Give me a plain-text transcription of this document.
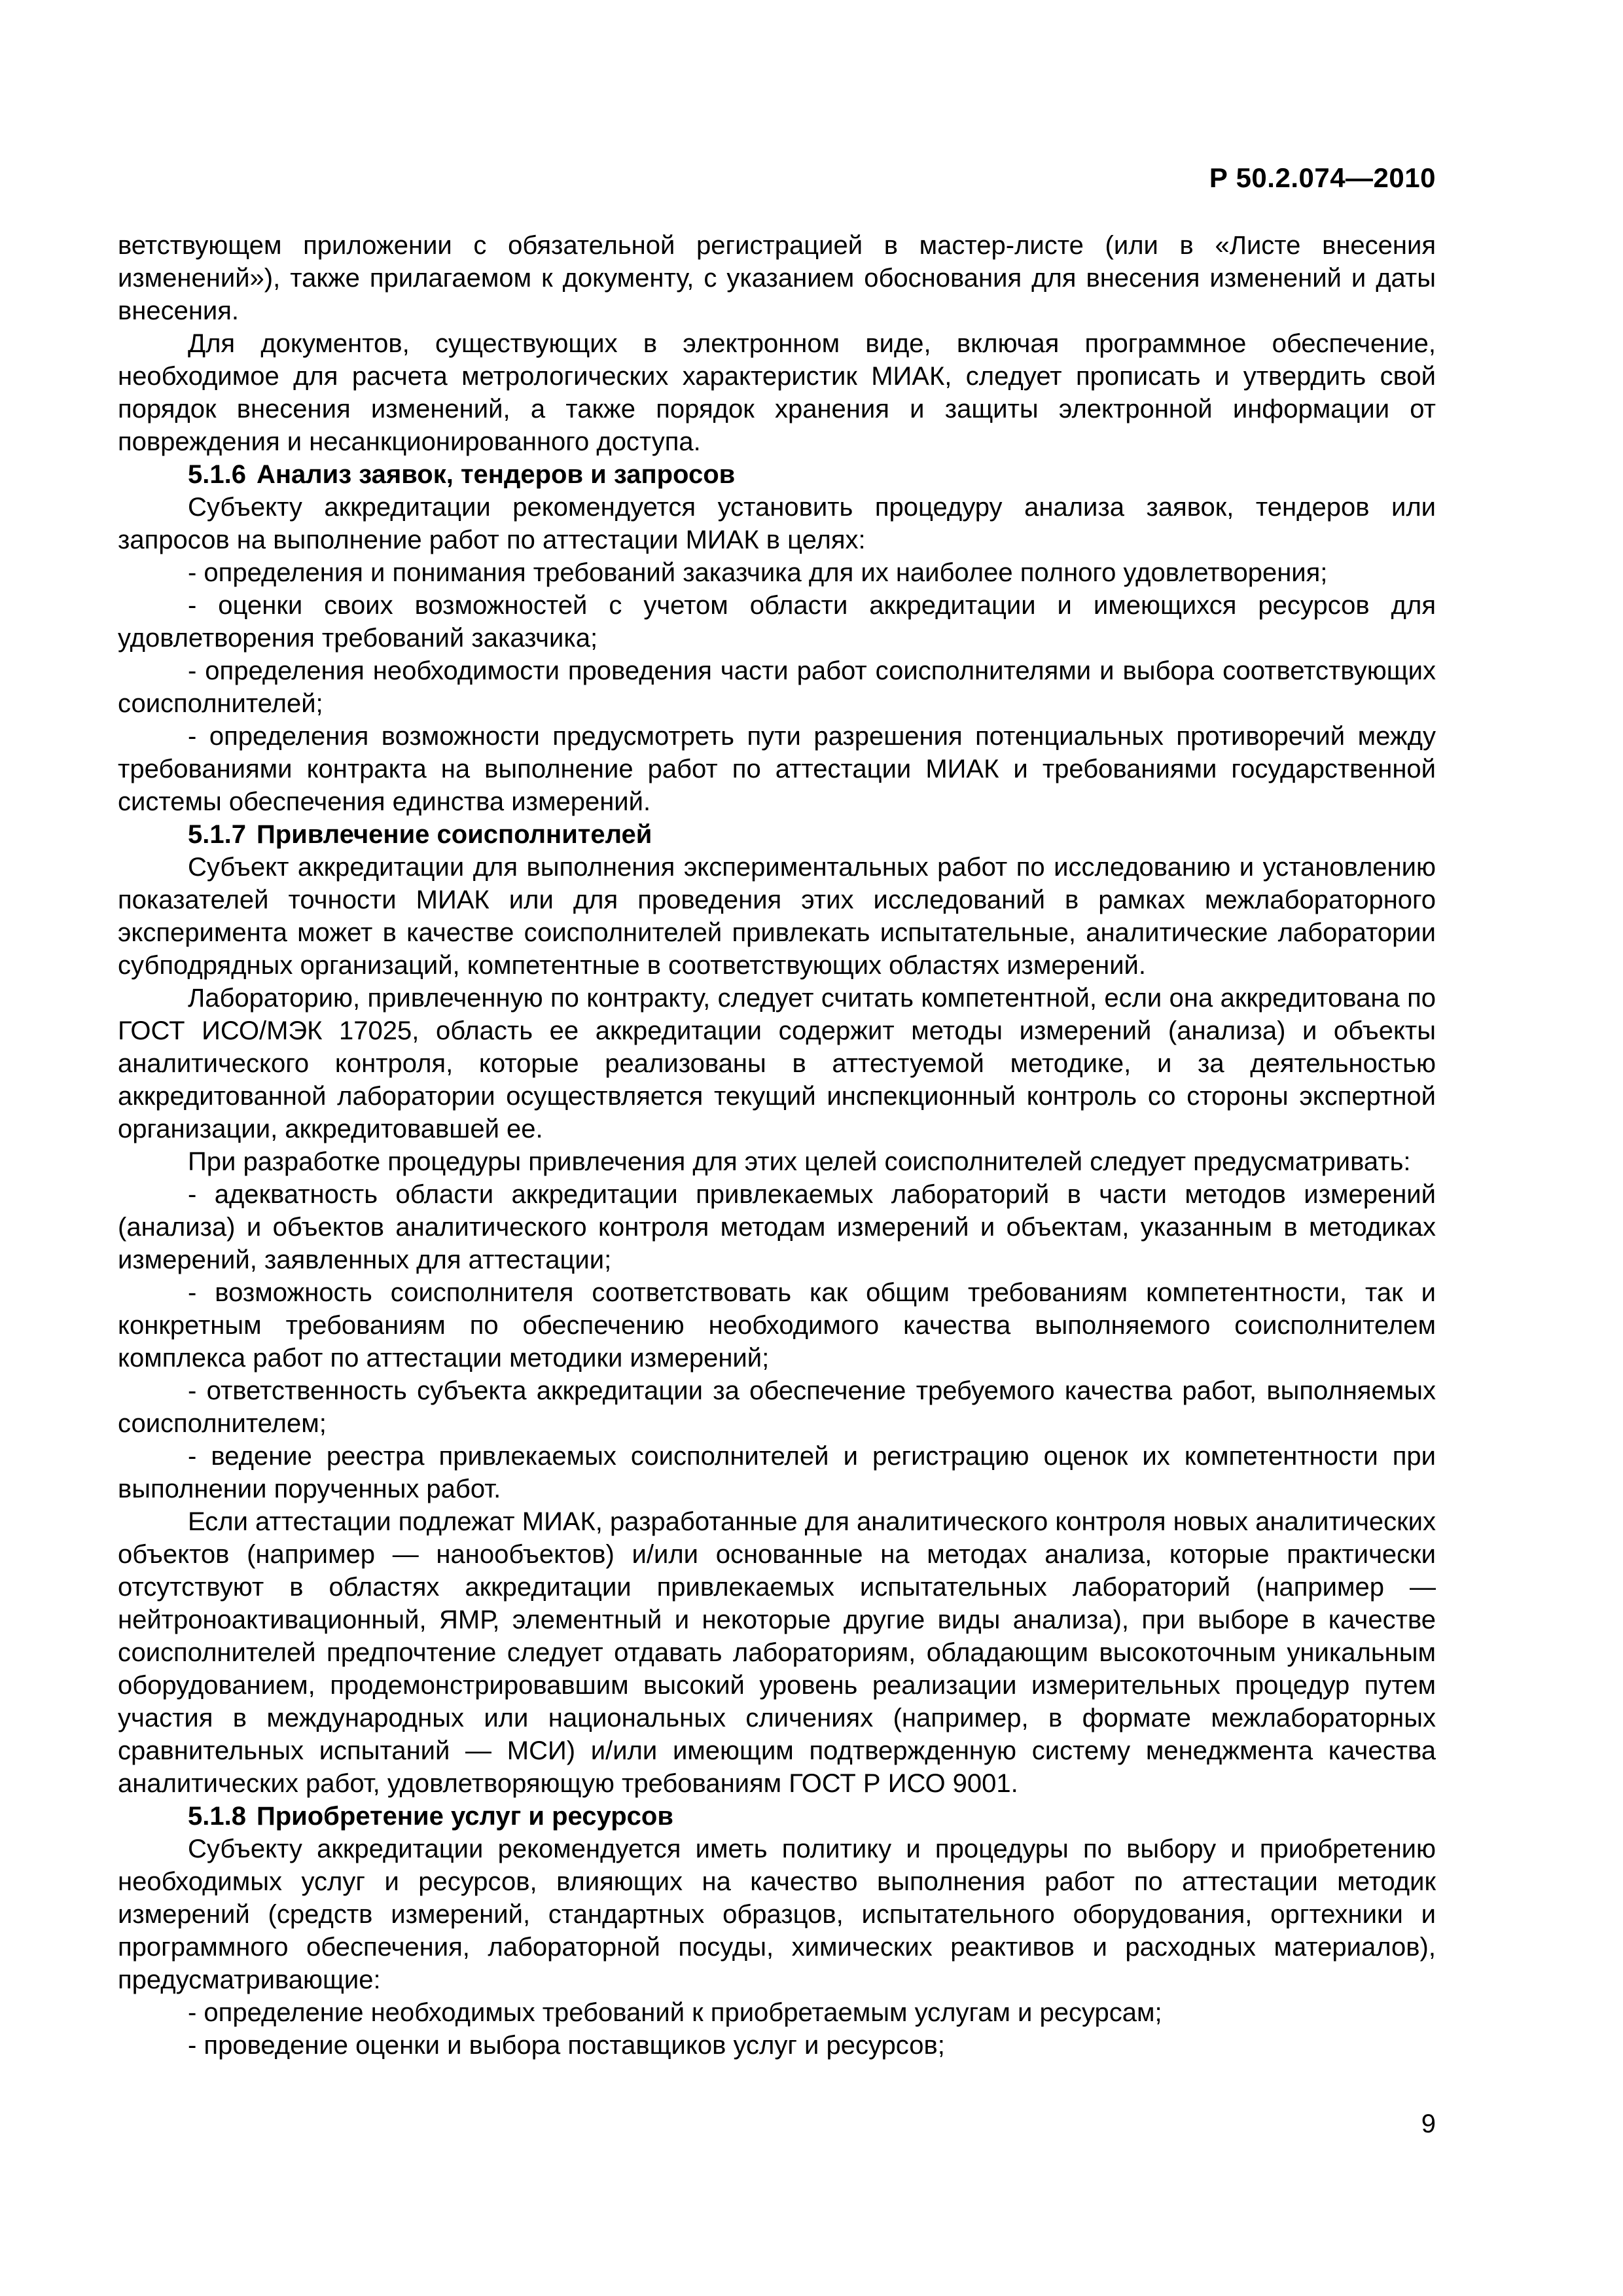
Р 50.2.074—2010

ветствующем приложении с обязательной регистрацией в мастер-листе (или в «Листе внесения изменений»), также прилагаемом к документу, с указанием обоснования для внесения изменений и даты внесения.

Для документов, существующих в электронном виде, включая программное обеспечение, необходимое для расчета метрологических характеристик МИАК, следует прописать и утвердить свой порядок внесения изменений, а также порядок хранения и защиты электронной информации от повреждения и несанкционированного доступа.

5.1.6 Анализ заявок, тендеров и запросов

Субъекту аккредитации рекомендуется установить процедуру анализа заявок, тендеров или запросов на выполнение работ по аттестации МИАК в целях:

- определения и понимания требований заказчика для их наиболее полного удовлетворения;

- оценки своих возможностей с учетом области аккредитации и имеющихся ресурсов для удовлетворения требований заказчика;

- определения необходимости проведения части работ соисполнителями и выбора соответствующих соисполнителей;

- определения возможности предусмотреть пути разрешения потенциальных противоречий между требованиями контракта на выполнение работ по аттестации МИАК и требованиями государственной системы обеспечения единства измерений.

5.1.7 Привлечение соисполнителей

Субъект аккредитации для выполнения экспериментальных работ по исследованию и установлению показателей точности МИАК или для проведения этих исследований в рамках межлабораторного эксперимента может в качестве соисполнителей привлекать испытательные, аналитические лаборатории субподрядных организаций, компетентные в соответствующих областях измерений.

Лабораторию, привлеченную по контракту, следует считать компетентной, если она аккредитована по ГОСТ ИСО/МЭК 17025, область ее аккредитации содержит методы измерений (анализа) и объекты аналитического контроля, которые реализованы в аттестуемой методике, и за деятельностью аккредитованной лаборатории осуществляется текущий инспекционный контроль со стороны экспертной организации, аккредитовавшей ее.

При разработке процедуры привлечения для этих целей соисполнителей следует предусматривать:

- адекватность области аккредитации привлекаемых лабораторий в части методов измерений (анализа) и объектов аналитического контроля методам измерений и объектам, указанным в методиках измерений, заявленных для аттестации;

- возможность соисполнителя соответствовать как общим требованиям компетентности, так и конкретным требованиям по обеспечению необходимого качества выполняемого соисполнителем комплекса работ по аттестации методики измерений;

- ответственность субъекта аккредитации за обеспечение требуемого качества работ, выполняемых соисполнителем;

- ведение реестра привлекаемых соисполнителей и регистрацию оценок их компетентности при выполнении порученных работ.

Если аттестации подлежат МИАК, разработанные для аналитического контроля новых аналитических объектов (например — нанообъектов) и/или основанные на методах анализа, которые практически отсутствуют в областях аккредитации привлекаемых испытательных лабораторий (например — нейтроноактивационный, ЯМР, элементный и некоторые другие виды анализа), при выборе в качестве соисполнителей предпочтение следует отдавать лабораториям, обладающим высокоточным уникальным оборудованием, продемонстрировавшим высокий уровень реализации измерительных процедур путем участия в международных или национальных сличениях (например, в формате межлабораторных сравнительных испытаний — МСИ) и/или имеющим подтвержденную систему менеджмента качества аналитических работ, удовлетворяющую требованиям ГОСТ Р ИСО 9001.

5.1.8 Приобретение услуг и ресурсов

Субъекту аккредитации рекомендуется иметь политику и процедуры по выбору и приобретению необходимых услуг и ресурсов, влияющих на качество выполнения работ по аттестации методик измерений (средств измерений, стандартных образцов, испытательного оборудования, оргтехники и программного обеспечения, лабораторной посуды, химических реактивов и расходных материалов), предусматривающие:

- определение необходимых требований к приобретаемым услугам и ресурсам;

- проведение оценки и выбора поставщиков услуг и ресурсов;

9
